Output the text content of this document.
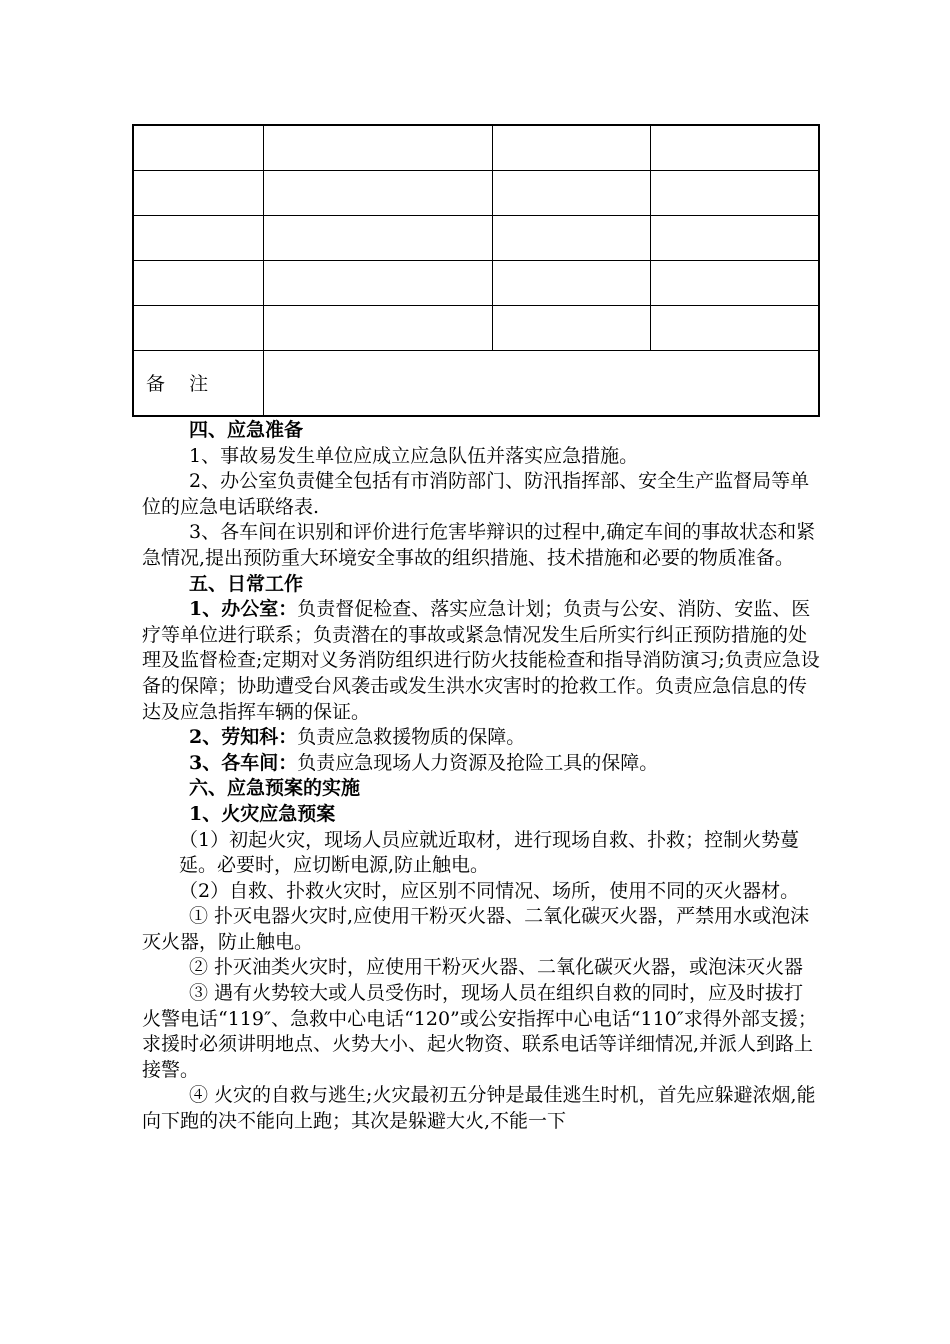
备    注			

四、应急准备

1、事故易发生单位应成立应急队伍并落实应急措施。

2、办公室负责健全包括有市消防部门、防汛指挥部、安全生产监督局等单位的应急电话联络表.

3、各车间在识别和评价进行危害毕辩识的过程中,确定车间的事故状态和紧急情况,提出预防重大环境安全事故的组织措施、技术措施和必要的物质准备。

五、日常工作

1、办公室：负责督促检查、落实应急计划；负责与公安、消防、安监、医疗等单位进行联系；负责潜在的事故或紧急情况发生后所实行纠正预防措施的处理及监督检查;定期对义务消防组织进行防火技能检查和指导消防演习;负责应急设备的保障；协助遭受台风袭击或发生洪水灾害时的抢救工作。负责应急信息的传达及应急指挥车辆的保证。

2、劳知科：负责应急救援物质的保障。

3、各车间：负责应急现场人力资源及抢险工具的保障。

六、应急预案的实施

1、火灾应急预案

（1）初起火灾，现场人员应就近取材，进行现场自救、扑救；控制火势蔓延。必要时，应切断电源,防止触电。

（2）自救、扑救火灾时，应区别不同情况、场所，使用不同的灭火器材。

① 扑灭电器火灾时,应使用干粉灭火器、二氧化碳灭火器，严禁用水或泡沫灭火器，防止触电。

② 扑灭油类火灾时，应使用干粉灭火器、二氧化碳灭火器，或泡沫灭火器

③ 遇有火势较大或人员受伤时，现场人员在组织自救的同时，应及时拔打火警电话“119″、急救中心电话“120”或公安指挥中心电话“110″求得外部支援；求援时必须讲明地点、火势大小、起火物资、联系电话等详细情况,并派人到路上接警。

④ 火灾的自救与逃生;火灾最初五分钟是最佳逃生时机，首先应躲避浓烟,能向下跑的决不能向上跑；其次是躲避大火,不能一下
